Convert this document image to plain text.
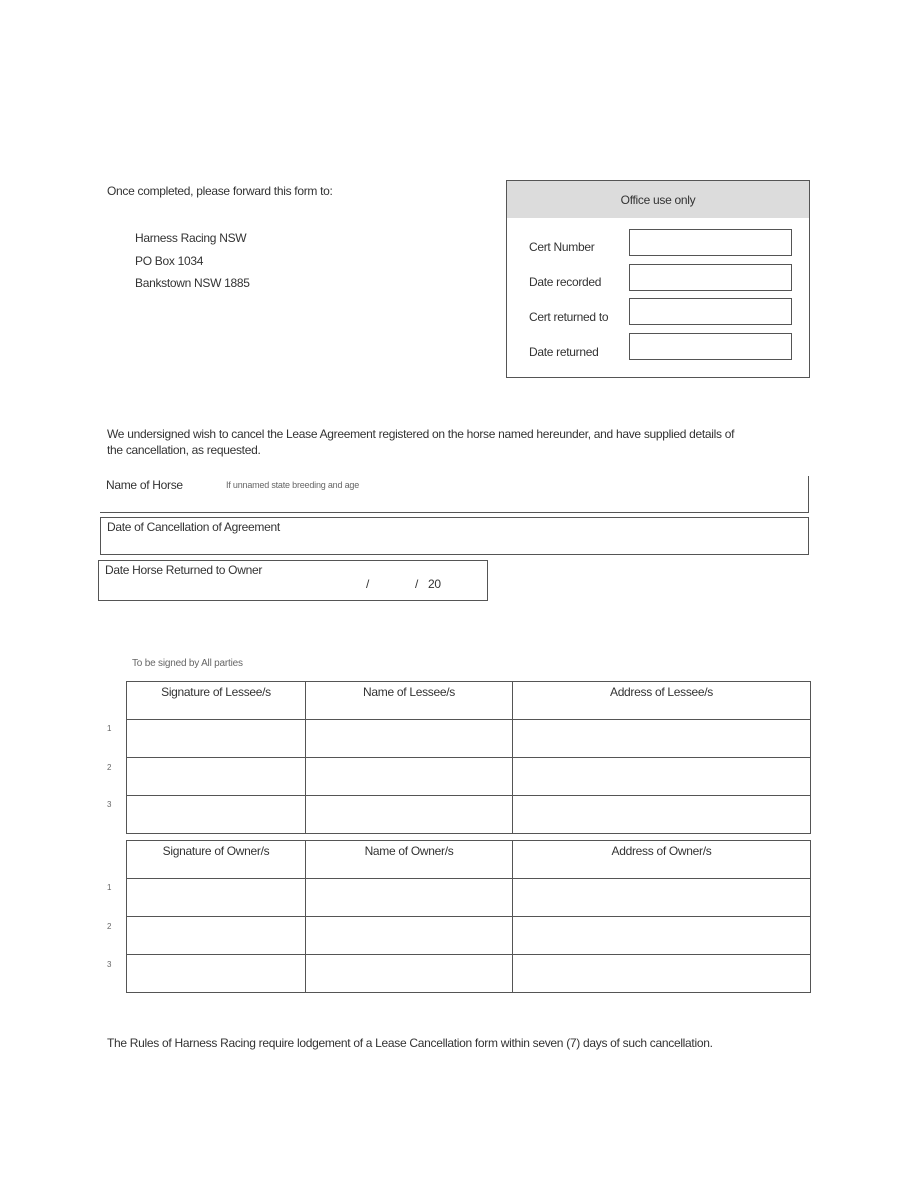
Once completed, please forward this form to:
Harness Racing NSW
PO Box 1034
Bankstown NSW 1885
Office use only
Cert Number
Date recorded
Cert returned to
Date returned
We undersigned wish to cancel the Lease Agreement registered on the horse named hereunder, and have supplied details of
the cancellation, as requested.
Name of Horse	If unnamed state breeding and age
Date of Cancellation of Agreement
Date Horse Returned to Owner
/	/ 20
To be signed by All parties
Signature of Lessee/s	Name of Lessee/s	Address of Lessee/s

1
2
3
Signature of Owner/s	Name of Owner/s	Address of Owner/s

1
2
3
The Rules of Harness Racing require lodgement of a Lease Cancellation form within seven (7) days of such cancellation.
